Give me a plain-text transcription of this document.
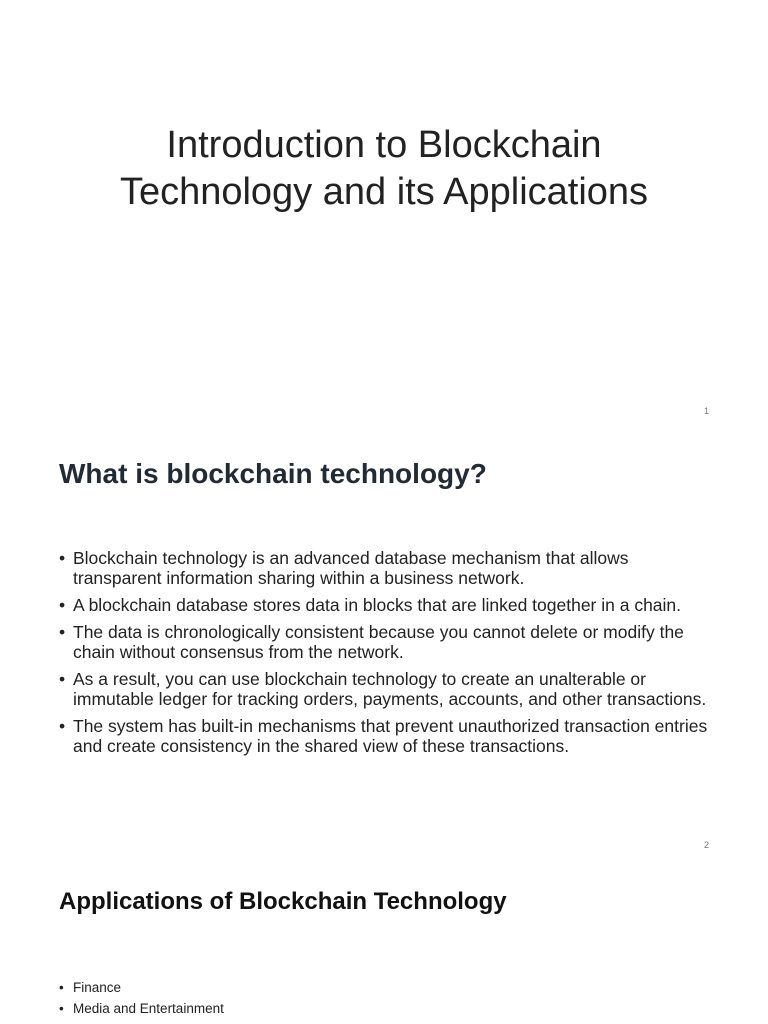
Introduction to Blockchain
Technology and its Applications
1
What is blockchain technology?
• Blockchain technology is an advanced database mechanism that allows transparent information sharing within a business network.
• A blockchain database stores data in blocks that are linked together in a chain.
• The data is chronologically consistent because you cannot delete or modify the chain without consensus from the network.
• As a result, you can use blockchain technology to create an unalterable or immutable ledger for tracking orders, payments, accounts, and other transactions.
• The system has built-in mechanisms that prevent unauthorized transaction entries and create consistency in the shared view of these transactions.
2
Applications of Blockchain Technology
• Finance
• Media and Entertainment
